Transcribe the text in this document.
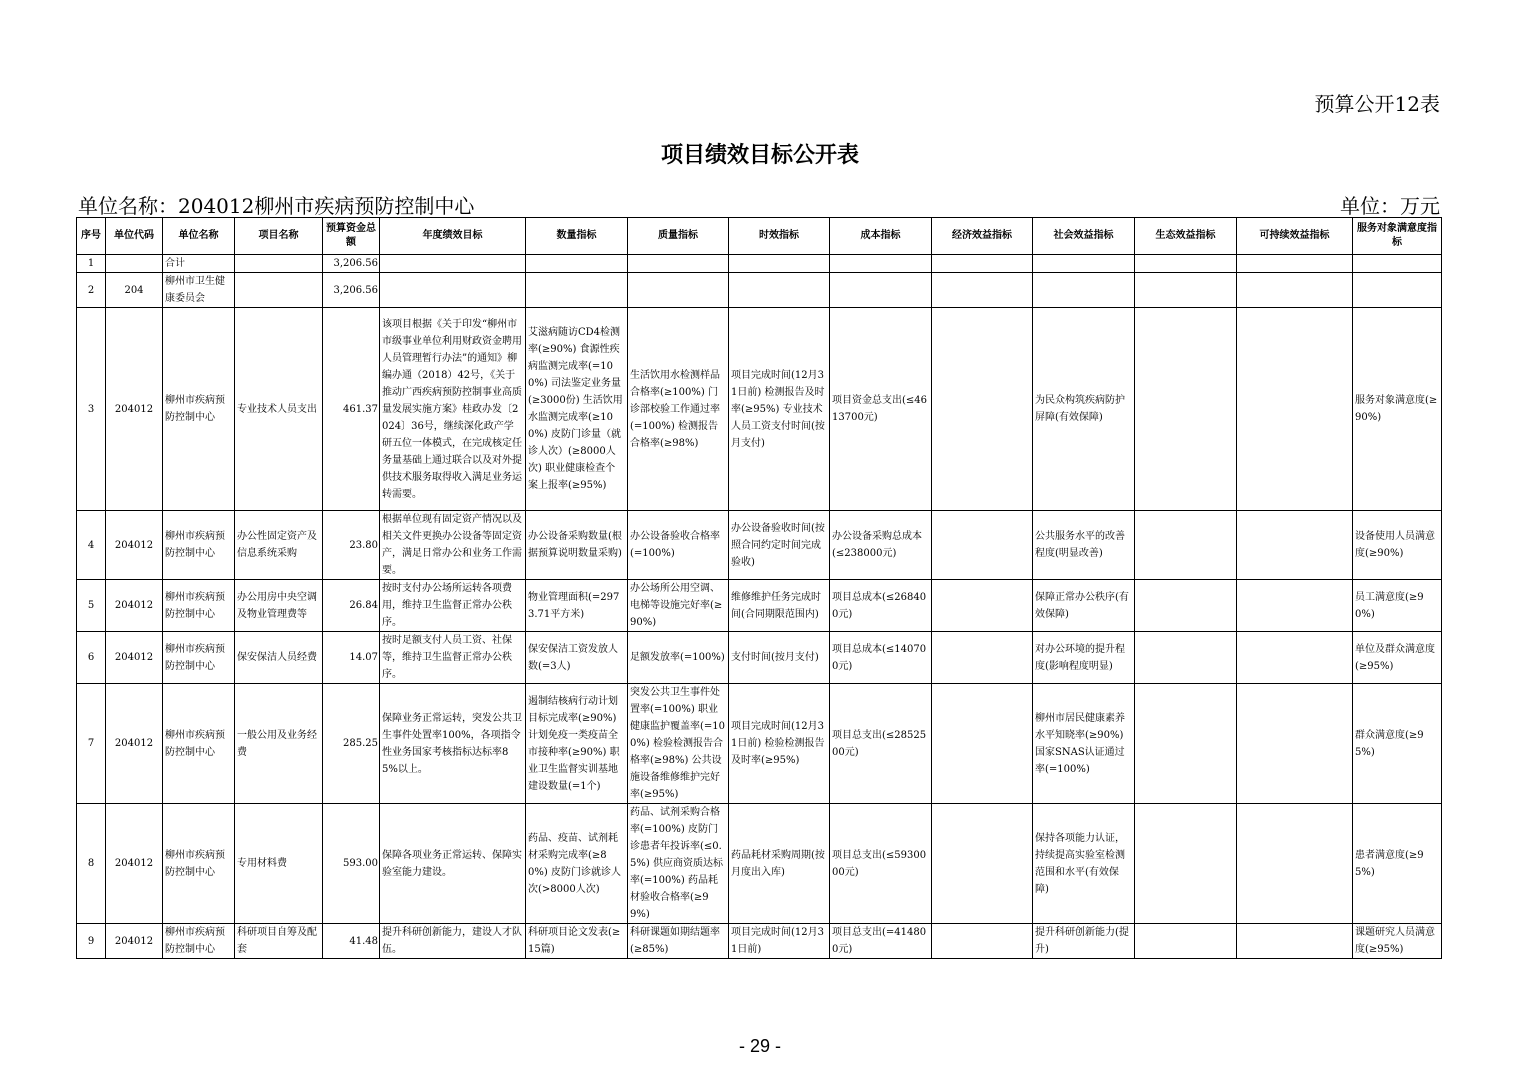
预算公开12表
项目绩效目标公开表
单位名称：204012柳州市疾病预防控制中心	单位：万元
序号	单位代码	单位名称	项目名称	预算资金总额	年度绩效目标	数量指标	质量指标	时效指标	成本指标	经济效益指标	社会效益指标	生态效益指标	可持续效益指标	服务对象满意度指标
1		合计		3,206.56										
2	204	柳州市卫生健康委员会		3,206.56										
3	204012	柳州市疾病预防控制中心	专业技术人员支出	461.37	该项目根据《关于印发“柳州市市级事业单位利用财政资金聘用人员管理暂行办法”的通知》柳编办通（2018）42号，《关于推动广西疾病预防控制事业高质量发展实施方案》桂政办发〔2024〕36号，继续深化政产学研五位一体模式，在完成核定任务量基础上通过联合以及对外提供技术服务取得收入满足业务运转需要。	艾滋病随访CD4检测率(≥90%) 食源性疾病监测完成率(=100%) 司法鉴定业务量(≥3000份) 生活饮用水监测完成率(≥100%) 皮防门诊量（就诊人次）(≥8000人次) 职业健康检查个案上报率(≥95%)	生活饮用水检测样品合格率(≥100%) 门诊部校验工作通过率(=100%) 检测报告合格率(≥98%)	项目完成时间(12月31日前) 检测报告及时率(≥95%) 专业技术人员工资支付时间(按月支付)	项目资金总支出(≤4613700元)		为民众构筑疾病防护屏障(有效保障)			服务对象满意度(≥90%)
4	204012	柳州市疾病预防控制中心	办公性固定资产及信息系统采购	23.80	根据单位现有固定资产情况以及相关文件更换办公设备等固定资产，满足日常办公和业务工作需要。	办公设备采购数量(根据预算说明数量采购)	办公设备验收合格率(=100%)	办公设备验收时间(按照合同约定时间完成验收)	办公设备采购总成本(≤238000元)		公共服务水平的改善程度(明显改善)			设备使用人员满意度(≥90%)
5	204012	柳州市疾病预防控制中心	办公用房中央空调及物业管理费等	26.84	按时支付办公场所运转各项费用，维持卫生监督正常办公秩序。	物业管理面积(=2973.71平方米)	办公场所公用空调、电梯等设施完好率(≥90%)	维修维护任务完成时间(合同期限范围内)	项目总成本(≤268400元)		保障正常办公秩序(有效保障)			员工满意度(≥90%)
6	204012	柳州市疾病预防控制中心	保安保洁人员经费	14.07	按时足额支付人员工资、社保等，维持卫生监督正常办公秩序。	保安保洁工资发放人数(=3人)	足额发放率(=100%)	支付时间(按月支付)	项目总成本(≤140700元)		对办公环境的提升程度(影响程度明显)			单位及群众满意度(≥95%)
7	204012	柳州市疾病预防控制中心	一般公用及业务经费	285.25	保障业务正常运转，突发公共卫生事件处置率100%，各项指令性业务国家考核指标达标率85%以上。	遏制结核病行动计划目标完成率(≥90%) 计划免疫一类疫苗全市接种率(≥90%) 职业卫生监督实训基地建设数量(=1个)	突发公共卫生事件处置率(=100%) 职业健康监护覆盖率(=100%) 检验检测报告合格率(≥98%) 公共设施设备维修维护完好率(≥95%)	项目完成时间(12月31日前) 检验检测报告及时率(≥95%)	项目总支出(≤2852500元)		柳州市居民健康素养水平知晓率(≥90%) 国家SNAS认证通过率(=100%)			群众满意度(≥95%)
8	204012	柳州市疾病预防控制中心	专用材料费	593.00	保障各项业务正常运转、保障实验室能力建设。	药品、疫苗、试剂耗材采购完成率(≥80%) 皮防门诊就诊人次(>8000人次)	药品、试剂采购合格率(=100%) 皮防门诊患者年投诉率(≤0.5%) 供应商资质达标率(=100%) 药品耗材验收合格率(≥99%)	药品耗材采购周期(按月度出入库)	项目总支出(≤5930000元)		保持各项能力认证，持续提高实验室检测范围和水平(有效保障)			患者满意度(≥95%)
9	204012	柳州市疾病预防控制中心	科研项目自筹及配套	41.48	提升科研创新能力，建设人才队伍。	科研项目论文发表(≥15篇)	科研课题如期结题率(≥85%)	项目完成时间(12月31日前)	项目总支出(=414800元)		提升科研创新能力(提升)			课题研究人员满意度(≥95%)
- 29 -
